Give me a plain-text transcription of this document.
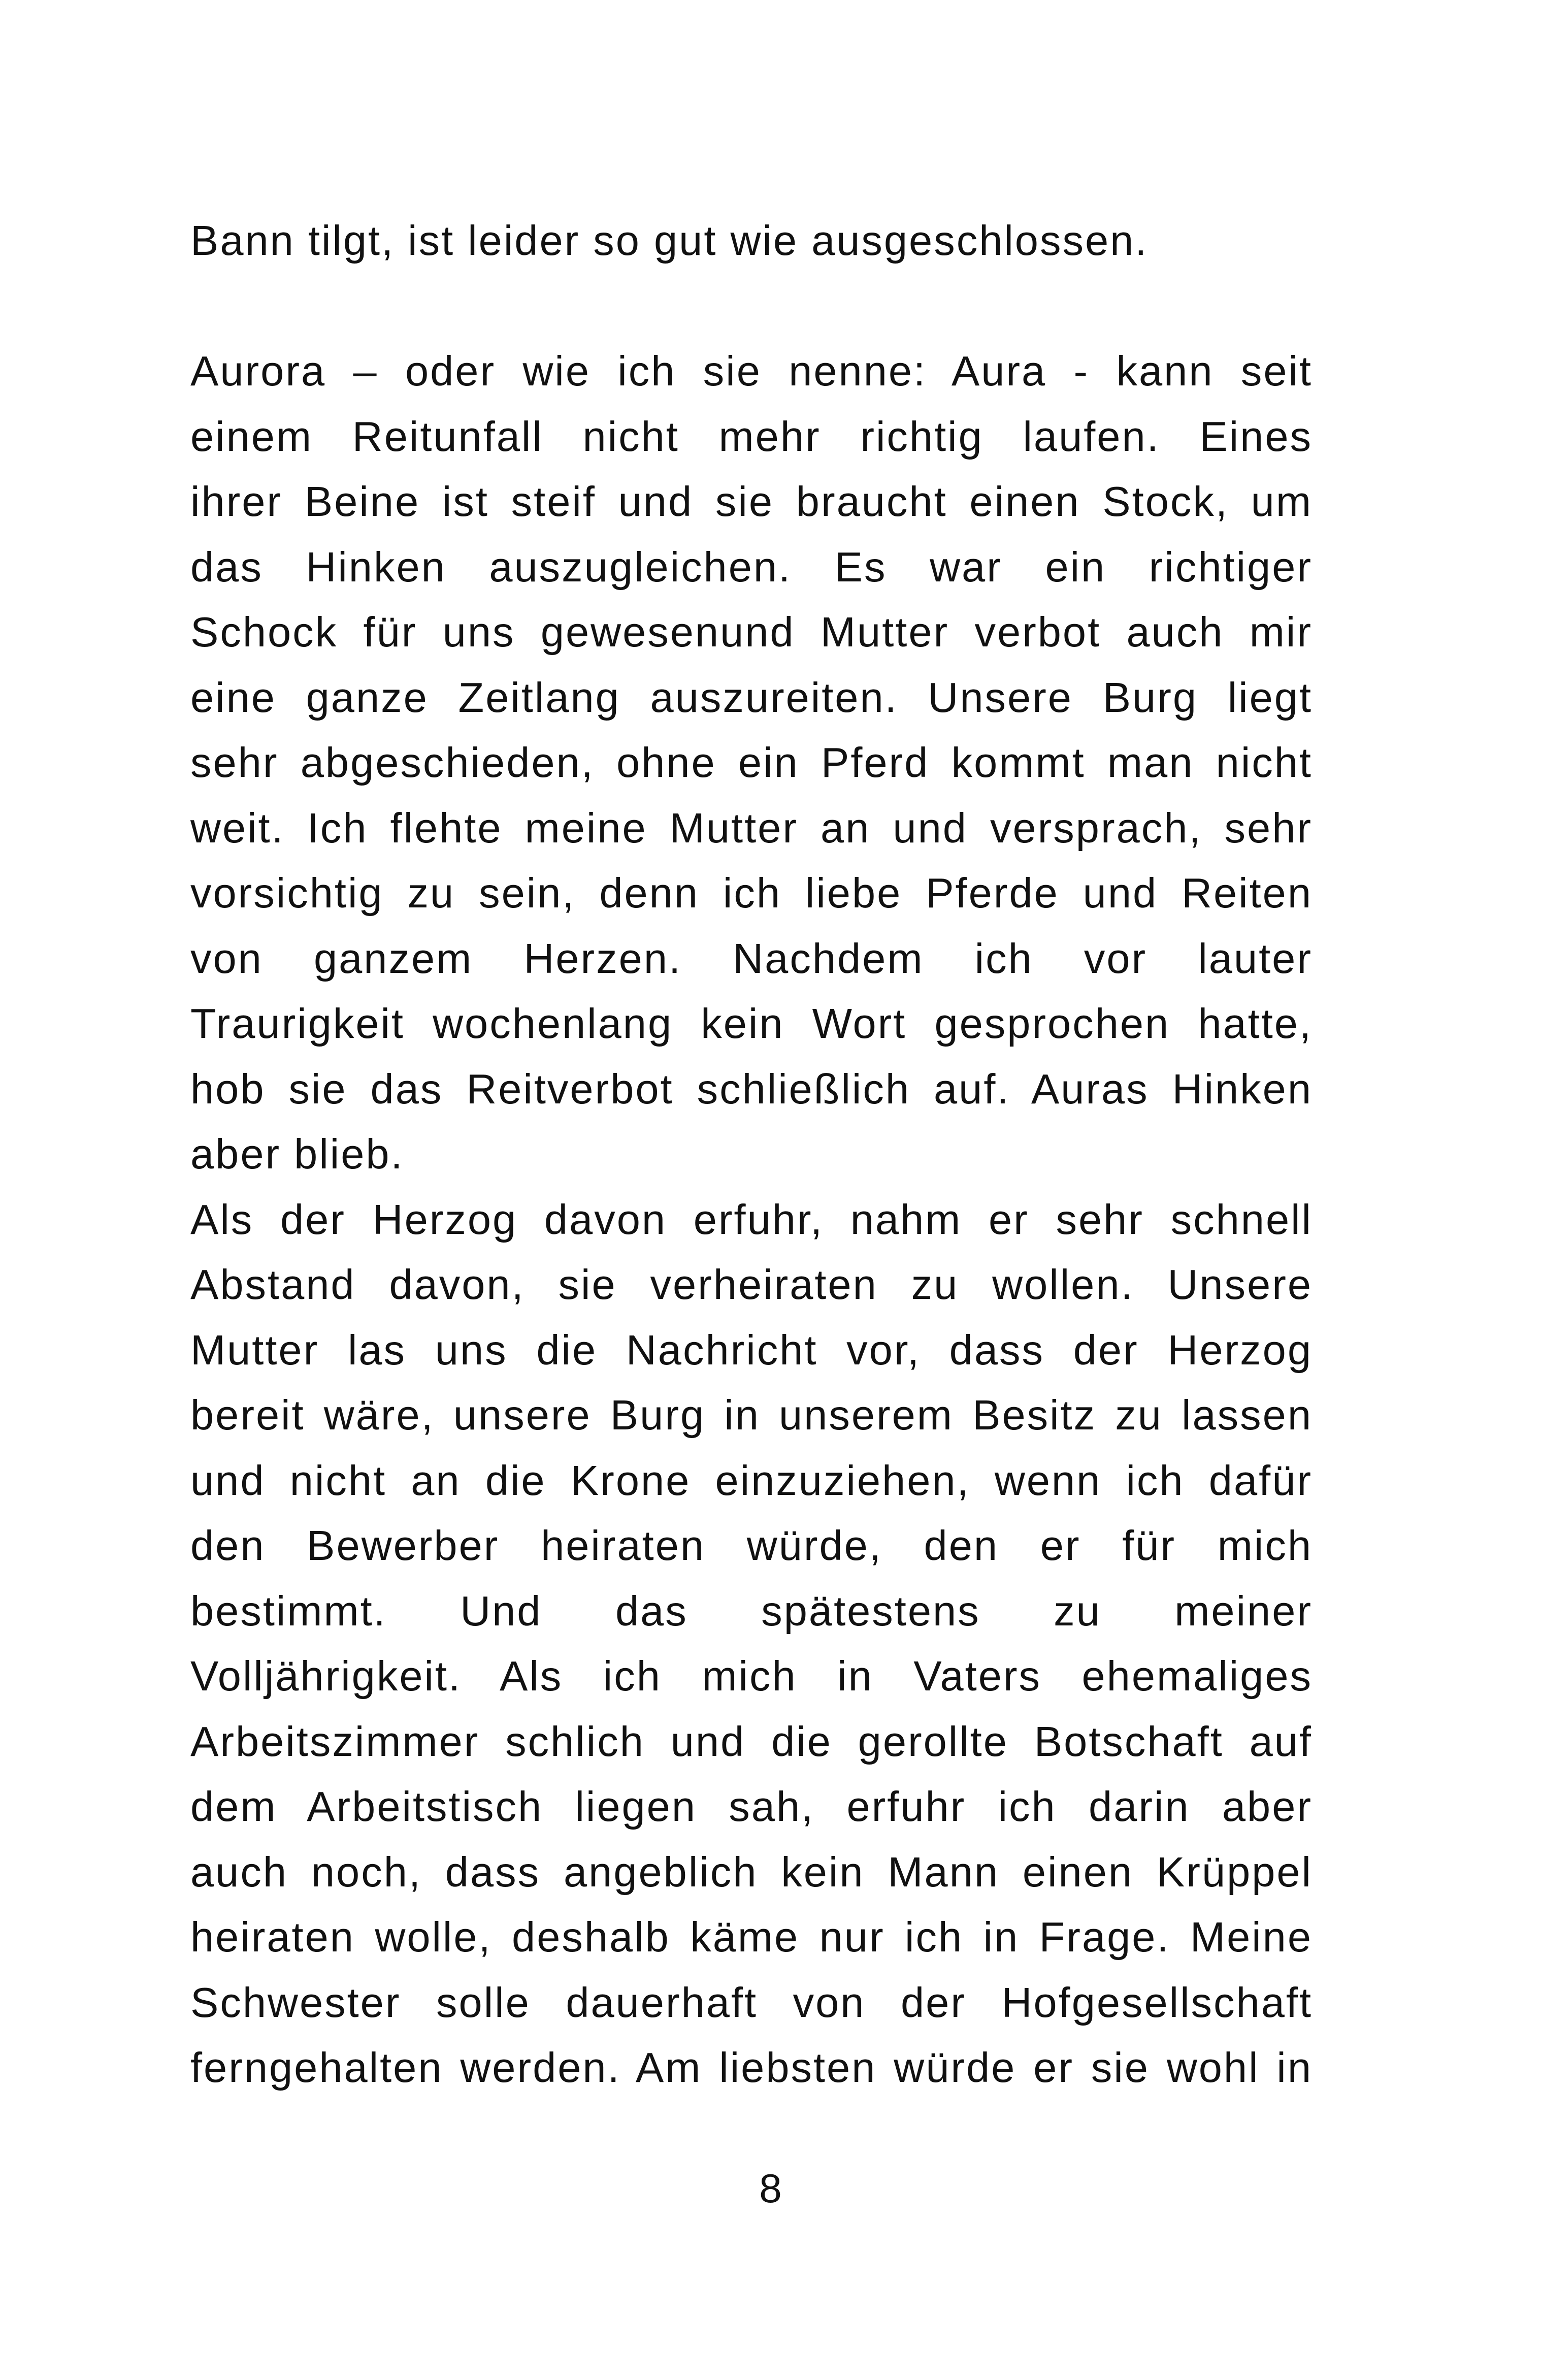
Bann tilgt, ist leider so gut wie ausgeschlossen.
Aurora – oder wie ich sie nenne: Aura - kann seit
einem Reitunfall nicht mehr richtig laufen. Eines
ihrer Beine ist steif und sie braucht einen Stock, um
das Hinken auszugleichen. Es war ein richtiger
Schock für uns gewesenund Mutter verbot auch mir
eine ganze Zeitlang auszureiten. Unsere Burg liegt
sehr abgeschieden, ohne ein Pferd kommt man nicht
weit. Ich flehte meine Mutter an und versprach, sehr
vorsichtig zu sein, denn ich liebe Pferde und Reiten
von ganzem Herzen. Nachdem ich vor lauter
Traurigkeit wochenlang kein Wort gesprochen hatte,
hob sie das Reitverbot schließlich auf. Auras Hinken
aber blieb.
Als der Herzog davon erfuhr, nahm er sehr schnell
Abstand davon, sie verheiraten zu wollen. Unsere
Mutter las uns die Nachricht vor, dass der Herzog
bereit wäre, unsere Burg in unserem Besitz zu lassen
und nicht an die Krone einzuziehen, wenn ich dafür
den Bewerber heiraten würde, den er für mich
bestimmt. Und das spätestens zu meiner
Volljährigkeit. Als ich mich in Vaters ehemaliges
Arbeitszimmer schlich und die gerollte Botschaft auf
dem Arbeitstisch liegen sah, erfuhr ich darin aber
auch noch, dass angeblich kein Mann einen Krüppel
heiraten wolle, deshalb käme nur ich in Frage. Meine
Schwester solle dauerhaft von der Hofgesellschaft
ferngehalten werden. Am liebsten würde er sie wohl in
8
